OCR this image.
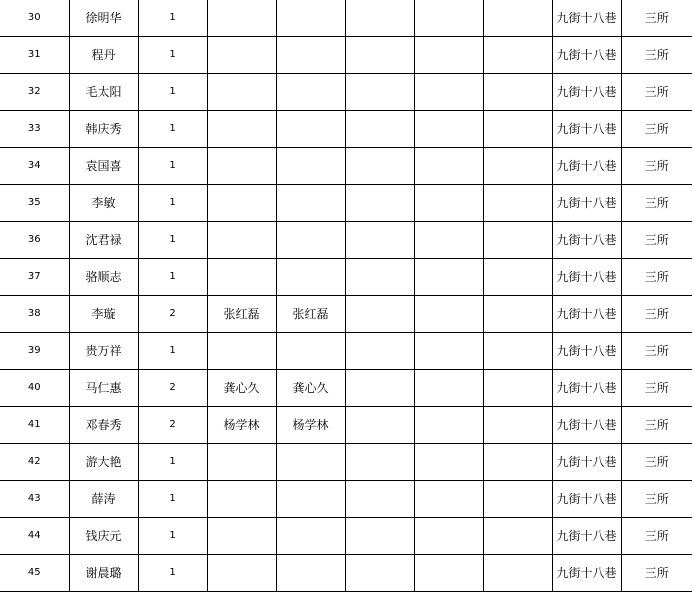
30	徐明华	1						九街十八巷	三所
31	程丹	1						九街十八巷	三所
32	毛太阳	1						九街十八巷	三所
33	韩庆秀	1						九街十八巷	三所
34	袁国喜	1						九街十八巷	三所
35	李敏	1						九街十八巷	三所
36	沈君禄	1						九街十八巷	三所
37	骆顺志	1						九街十八巷	三所
38	李璇	2	张红磊	张红磊				九街十八巷	三所
39	贵万祥	1						九街十八巷	三所
40	马仁惠	2	龚心久	龚心久				九街十八巷	三所
41	邓春秀	2	杨学林	杨学林				九街十八巷	三所
42	游大艳	1						九街十八巷	三所
43	薛涛	1						九街十八巷	三所
44	钱庆元	1						九街十八巷	三所
45	谢晨璐	1						九街十八巷	三所
